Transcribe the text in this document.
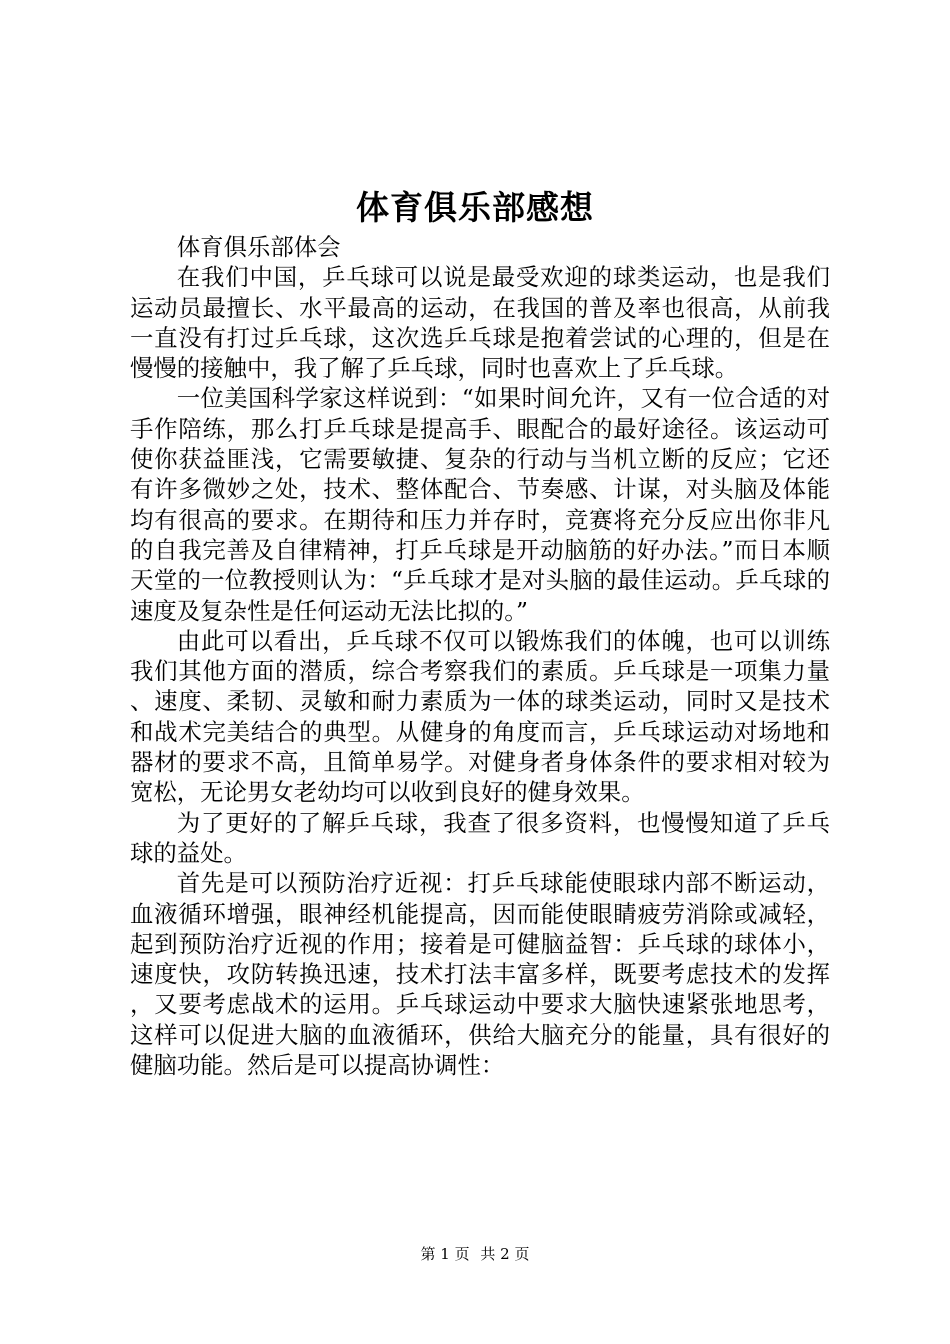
体育俱乐部感想

体育俱乐部体会

在我们中国，乒乓球可以说是最受欢迎的球类运动，也是我们运动员最擅长、水平最高的运动，在我国的普及率也很高，从前我一直没有打过乒乓球，这次选乒乓球是抱着尝试的心理的，但是在慢慢的接触中，我了解了乒乓球，同时也喜欢上了乒乓球。

一位美国科学家这样说到：“如果时间允许，又有一位合适的对手作陪练，那么打乒乓球是提高手、眼配合的最好途径。该运动可使你获益匪浅，它需要敏捷、复杂的行动与当机立断的反应；它还有许多微妙之处，技术、整体配合、节奏感、计谋，对头脑及体能均有很高的要求。在期待和压力并存时，竞赛将充分反应出你非凡的自我完善及自律精神，打乒乓球是开动脑筋的好办法。”而日本顺天堂的一位教授则认为：“乒乓球才是对头脑的最佳运动。乒乓球的速度及复杂性是任何运动无法比拟的。”

由此可以看出，乒乓球不仅可以锻炼我们的体魄，也可以训练我们其他方面的潜质，综合考察我们的素质。乒乓球是一项集力量、速度、柔韧、灵敏和耐力素质为一体的球类运动，同时又是技术和战术完美结合的典型。从健身的角度而言，乒乓球运动对场地和器材的要求不高，且简单易学。对健身者身体条件的要求相对较为宽松，无论男女老幼均可以收到良好的健身效果。

为了更好的了解乒乓球，我查了很多资料，也慢慢知道了乒乓球的益处。

首先是可以预防治疗近视：打乒乓球能使眼球内部不断运动，血液循环增强，眼神经机能提高，因而能使眼睛疲劳消除或减轻，起到预防治疗近视的作用；接着是可健脑益智：乒乓球的球体小，速度快，攻防转换迅速，技术打法丰富多样，既要考虑技术的发挥，又要考虑战术的运用。乒乓球运动中要求大脑快速紧张地思考，这样可以促进大脑的血液循环，供给大脑充分的能量，具有很好的健脑功能。然后是可以提高协调性：

第 1 页 共 2 页
